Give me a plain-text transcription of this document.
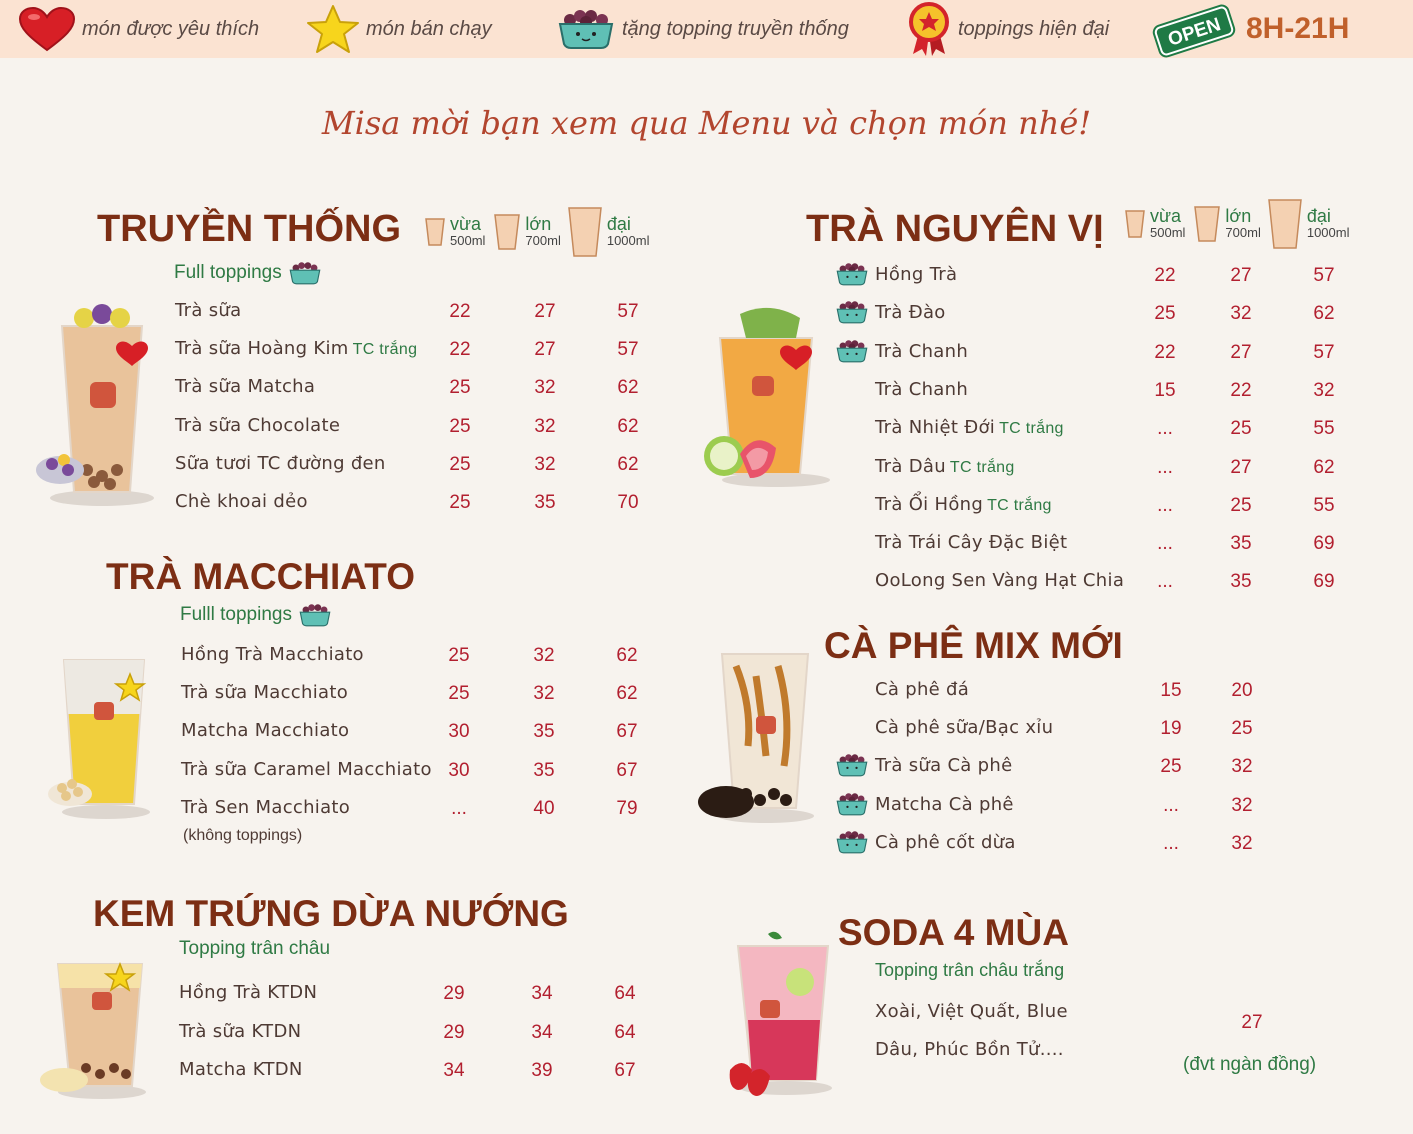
món được yêu thích	món bán chạy	tặng topping truyền thống	toppings hiện đại	OPEN 8H-21H
Misa mời bạn xem qua Menu và chọn món nhé!
TRUYỀN THỐNG	vừa
500ml
lớn
700ml
đại
1000ml
Full toppings
Trà sữa	22	27	57
Trà sữa Hoàng Kim TC trắng	22	27	57
Trà sữa Matcha	25	32	62
Trà sữa Chocolate	25	32	62
Sữa tươi TC đường đen	25	32	62
Chè khoai dẻo	25	35	70
TRÀ MACCHIATO
Fulll toppings
Hồng Trà Macchiato	25	32	62
Trà sữa Macchiato	25	32	62
Matcha Macchiato	30	35	67
Trà sữa Caramel Macchiato 30	35	67
Trà Sen Macchiato	...	40	79
(không toppings)
KEM TRỨNG DỪA NƯỚNG
Topping trân châu
Hồng Trà KTDN	29	34	64
Trà sữa KTDN	29	34	64
Matcha KTDN	34	39	67
TRÀ NGUYÊN VỊ	vừa
500ml
lớn
700ml
đại
1000ml
Hồng Trà	22	27	57
Trà Đào	25	32	62
Trà Chanh	22	27	57
Trà Chanh	15	22	32
Trà Nhiệt Đới TC trắng	...	25	55
Trà Dâu TC trắng	...	27	62
Trà Ổi Hồng TC trắng	...	25	55
Trà Trái Cây Đặc Biệt	...	35	69
OoLong Sen Vàng Hạt Chia	...	35	69
CÀ PHÊ MIX MỚI
Cà phê đá	15	20
Cà phê sữa/Bạc xỉu	19	25
Trà sữa Cà phê	25	32
Matcha Cà phê	...	32
Cà phê cốt dừa	...	32
SODA 4 MÙA
Topping trân châu trắng
Xoài, Việt Quất, Blue
Dâu, Phúc Bồn Tử....
27
(đvt ngàn đồng)
